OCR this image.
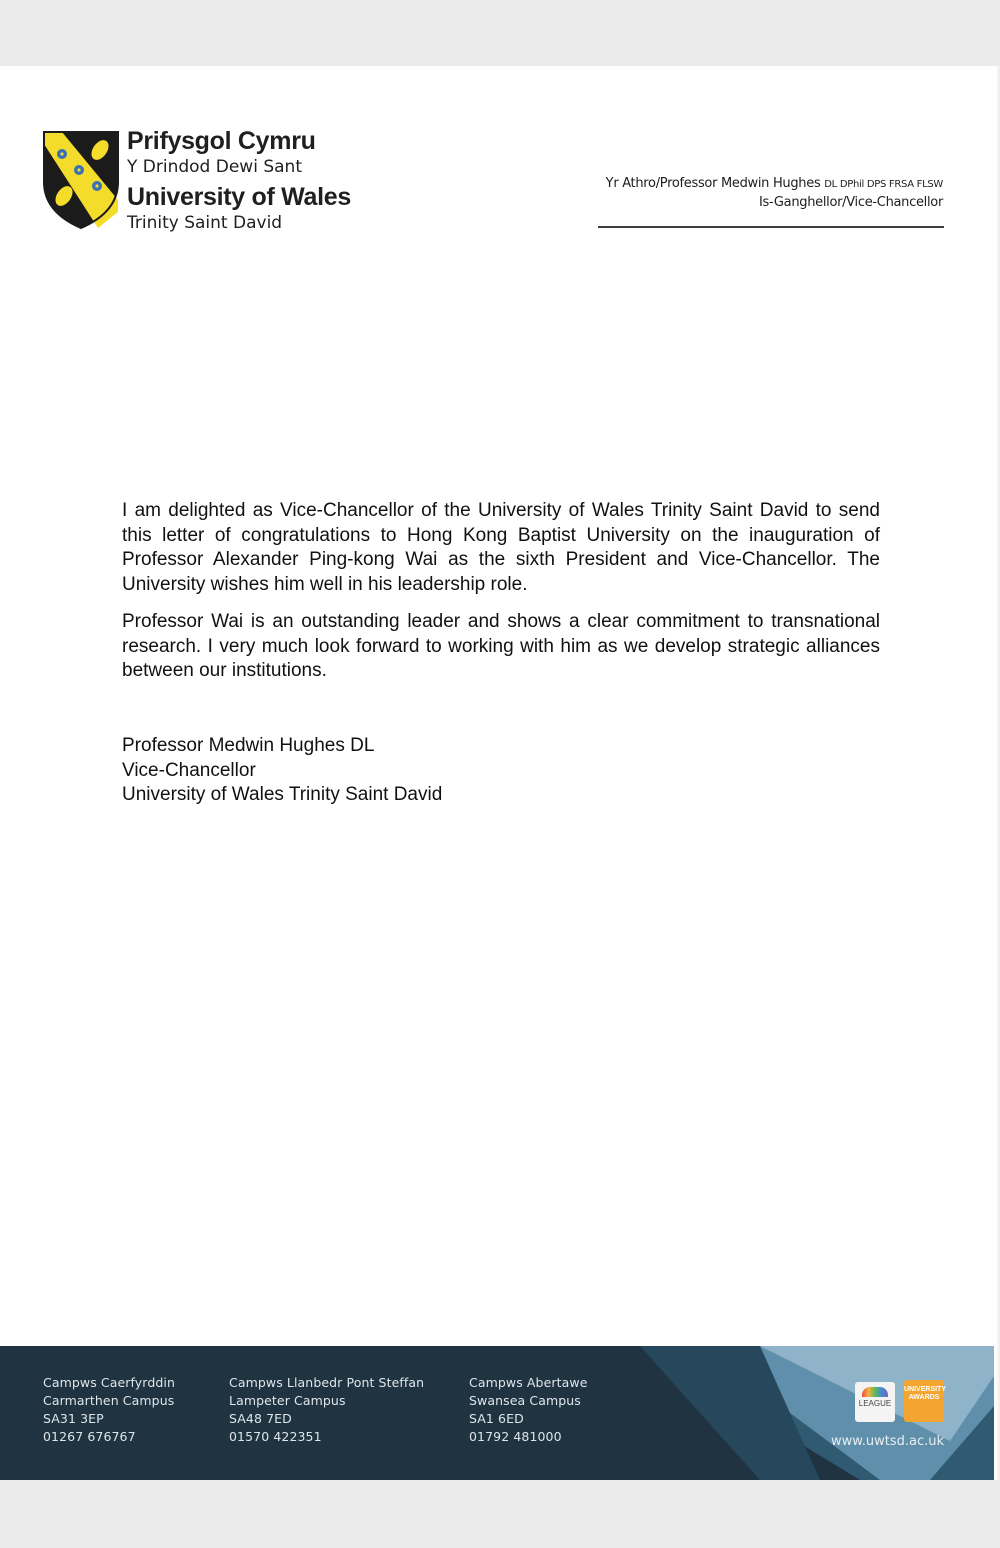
Prifysgol Cymru
Y Drindod Dewi Sant
University of Wales
Trinity Saint David
Yr Athro/Professor Medwin Hughes DL DPhil DPS FRSA FLSW
Is-Ganghellor/Vice-Chancellor

I am delighted as Vice-Chancellor of the University of Wales Trinity Saint David to send this letter of congratulations to Hong Kong Baptist University on the inauguration of Professor Alexander Ping-kong Wai as the sixth President and Vice-Chancellor. The University wishes him well in his leadership role.

Professor Wai is an outstanding leader and shows a clear commitment to transnational research. I very much look forward to working with him as we develop strategic alliances between our institutions.

Professor Medwin Hughes DL
Vice-Chancellor
University of Wales Trinity Saint David
Campws Caerfyrddin
Carmarthen Campus
SA31 3EP
01267 676767
Campws Llanbedr Pont Steffan
Lampeter Campus
SA48 7ED
01570 422351
Campws Abertawe
Swansea Campus
SA1 6ED
01792 481000
LEAGUE
UNIVERSITY AWARDS
www.uwtsd.ac.uk
